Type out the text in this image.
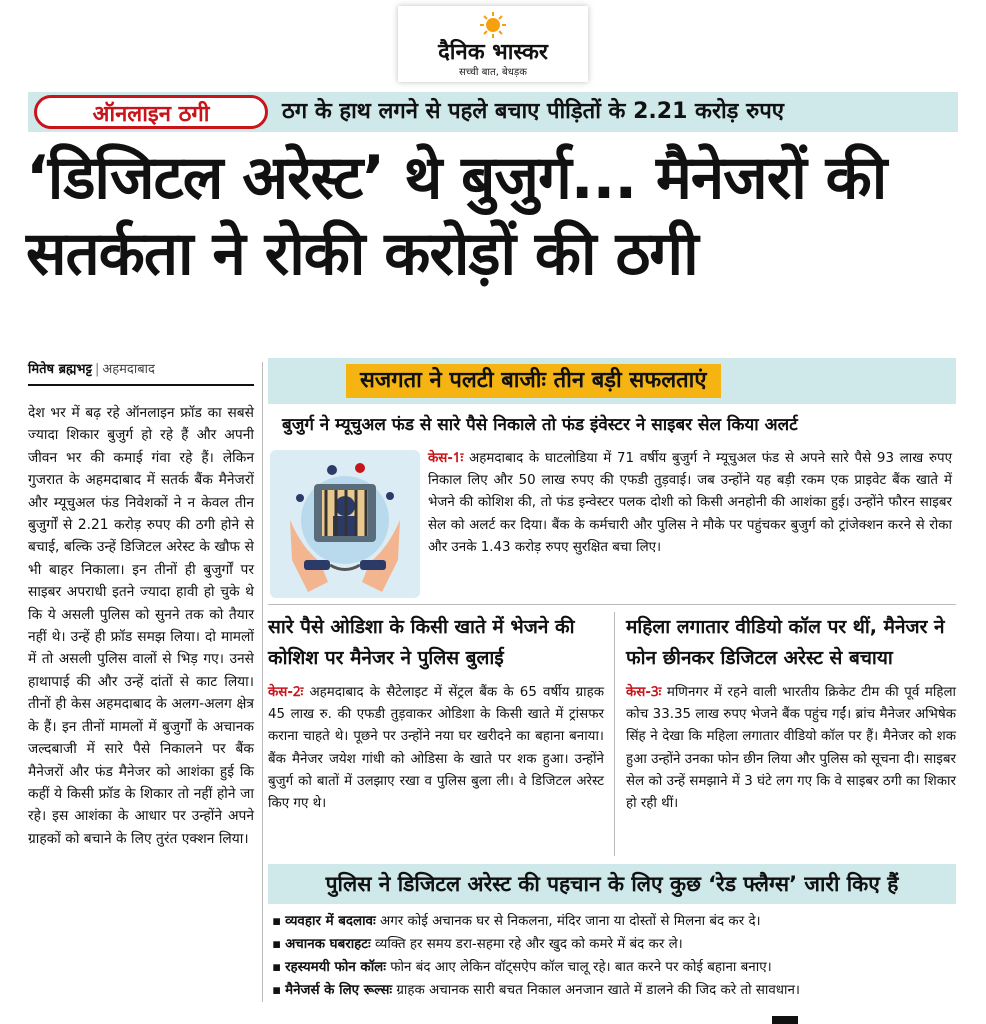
दैनिक भास्कर
सच्ची बात, बेधड़क
ऑनलाइन ठगी	ठग के हाथ लगने से पहले बचाए पीड़ितों के 2.21 करोड़ रुपए
‘डिजिटल अरेस्ट’ थे बुजुर्ग... मैनेजरों की सतर्कता ने रोकी करोड़ों की ठगी
मितेष ब्रह्मभट्ट | अहमदाबाद
देश भर में बढ़ रहे ऑनलाइन फ्रॉड का सबसे ज्यादा शिकार बुजुर्ग हो रहे हैं और अपनी जीवन भर की कमाई गंवा रहे हैं। लेकिन गुजरात के अहमदाबाद में सतर्क बैंक मैनेजरों और म्यूचुअल फंड निवेशकों ने न केवल तीन बुजुर्गों से 2.21 करोड़ रुपए की ठगी होने से बचाई, बल्कि उन्हें डिजिटल अरेस्ट के खौफ से भी बाहर निकाला। इन तीनों ही बुजुर्गों पर साइबर अपराधी इतने ज्यादा हावी हो चुके थे कि ये असली पुलिस को सुनने तक को तैयार नहीं थे। उन्हें ही फ्रॉड समझ लिया। दो मामलों में तो असली पुलिस वालों से भिड़ गए। उनसे हाथापाई की और उन्हें दांतों से काट लिया। तीनों ही केस अहमदाबाद के अलग-अलग क्षेत्र के हैं। इन तीनों मामलों में बुजुर्गों के अचानक जल्दबाजी में सारे पैसे निकालने पर बैंक मैनेजरों और फंड मैनेजर को आशंका हुई कि कहीं ये किसी फ्रॉड के शिकार तो नहीं होने जा रहे। इस आशंका के आधार पर उन्होंने अपने ग्राहकों को बचाने के लिए तुरंत एक्शन लिया।
सजगता ने पलटी बाजीः तीन बड़ी सफलताएं
बुजुर्ग ने म्यूचुअल फंड से सारे पैसे निकाले तो फंड इंवेस्टर ने साइबर सेल किया अलर्ट
केस-1ः अहमदाबाद के घाटलोडिया में 71 वर्षीय बुजुर्ग ने म्यूचुअल फंड से अपने सारे पैसे 93 लाख रुपए निकाल लिए और 50 लाख रुपए की एफडी तुड़वाई। जब उन्होंने यह बड़ी रकम एक प्राइवेट बैंक खाते में भेजने की कोशिश की, तो फंड इन्वेस्टर पलक दोशी को किसी अनहोनी की आशंका हुई। उन्होंने फौरन साइबर सेल को अलर्ट कर दिया। बैंक के कर्मचारी और पुलिस ने मौके पर पहुंचकर बुजुर्ग को ट्रांजेक्शन करने से रोका और उनके 1.43 करोड़ रुपए सुरक्षित बचा लिए।
सारे पैसे ओडिशा के किसी खाते में भेजने की कोशिश पर मैनेजर ने पुलिस बुलाई
केस-2ः अहमदाबाद के सैटेलाइट में सेंट्रल बैंक के 65 वर्षीय ग्राहक 45 लाख रु. की एफडी तुड़वाकर ओडिशा के किसी खाते में ट्रांसफर कराना चाहते थे। पूछने पर उन्होंने नया घर खरीदने का बहाना बनाया। बैंक मैनेजर जयेश गांधी को ओडिसा के खाते पर शक हुआ। उन्होंने बुजुर्ग को बातों में उलझाए रखा व पुलिस बुला ली। वे डिजिटल अरेस्ट किए गए थे।
महिला लगातार वीडियो कॉल पर थीं, मैनेजर ने फोन छीनकर डिजिटल अरेस्ट से बचाया
केस-3ः मणिनगर में रहने वाली भारतीय क्रिकेट टीम की पूर्व महिला कोच 33.35 लाख रुपए भेजने बैंक पहुंच गईं। ब्रांच मैनेजर अभिषेक सिंह ने देखा कि महिला लगातार वीडियो कॉल पर हैं। मैनेजर को शक हुआ उन्होंने उनका फोन छीन लिया और पुलिस को सूचना दी। साइबर सेल को उन्हें समझाने में 3 घंटे लग गए कि वे साइबर ठगी का शिकार हो रही थीं।
पुलिस ने डिजिटल अरेस्ट की पहचान के लिए कुछ ‘रेड फ्लैग्स’ जारी किए हैं
▪ व्यवहार में बदलावः अगर कोई अचानक घर से निकलना, मंदिर जाना या दोस्तों से मिलना बंद कर दे।
▪ अचानक घबराहटः व्यक्ति हर समय डरा-सहमा रहे और खुद को कमरे में बंद कर ले।
▪ रहस्यमयी फोन कॉलः फोन बंद आए लेकिन वॉट्सऐप कॉल चालू रहे। बात करने पर कोई बहाना बनाए।
▪ मैनेजर्स के लिए रूल्सः ग्राहक अचानक सारी बचत निकाल अनजान खाते में डालने की जिद करे तो सावधान।
